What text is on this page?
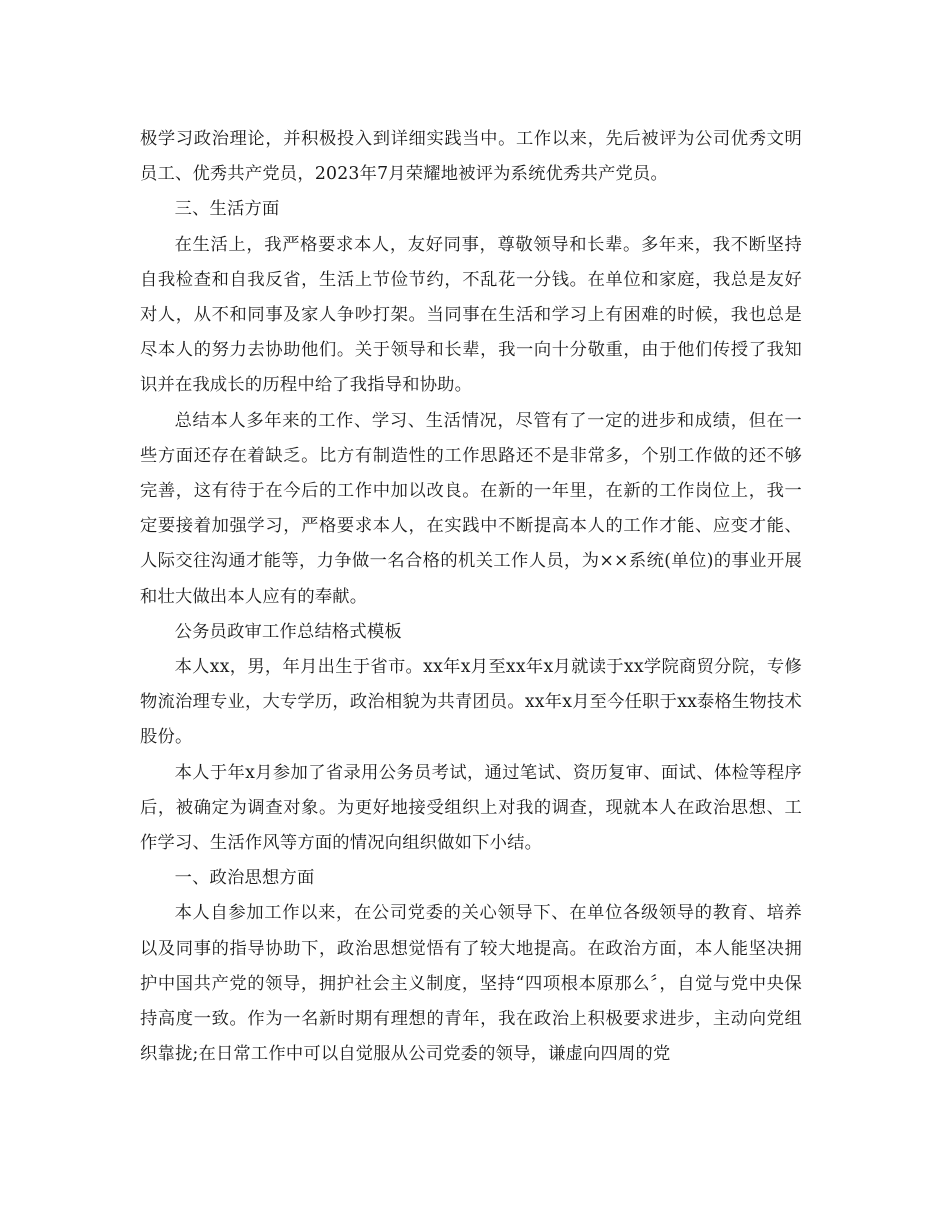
极学习政治理论，并积极投入到详细实践当中。工作以来，先后被评为公司优秀文明员工、优秀共产党员，2023年7月荣耀地被评为系统优秀共产党员。

三、生活方面

在生活上，我严格要求本人，友好同事，尊敬领导和长辈。多年来，我不断坚持自我检查和自我反省，生活上节俭节约，不乱花一分钱。在单位和家庭，我总是友好对人，从不和同事及家人争吵打架。当同事在生活和学习上有困难的时候，我也总是尽本人的努力去协助他们。关于领导和长辈，我一向十分敬重，由于他们传授了我知识并在我成长的历程中给了我指导和协助。

总结本人多年来的工作、学习、生活情况，尽管有了一定的进步和成绩，但在一些方面还存在着缺乏。比方有制造性的工作思路还不是非常多，个别工作做的还不够完善，这有待于在今后的工作中加以改良。在新的一年里，在新的工作岗位上，我一定要接着加强学习，严格要求本人，在实践中不断提高本人的工作才能、应变才能、人际交往沟通才能等，力争做一名合格的机关工作人员，为××系统(单位)的事业开展和壮大做出本人应有的奉献。

公务员政审工作总结格式模板

本人xx，男，年月出生于省市。xx年x月至xx年x月就读于xx学院商贸分院，专修物流治理专业，大专学历，政治相貌为共青团员。xx年x月至今任职于xx泰格生物技术股份。

本人于年x月参加了省录用公务员考试，通过笔试、资历复审、面试、体检等程序后，被确定为调查对象。为更好地接受组织上对我的调查，现就本人在政治思想、工作学习、生活作风等方面的情况向组织做如下小结。

一、政治思想方面

本人自参加工作以来，在公司党委的关心领导下、在单位各级领导的教育、培养以及同事的指导协助下，政治思想觉悟有了较大地提高。在政治方面，本人能坚决拥护中国共产党的领导，拥护社会主义制度，坚持“四项根本原那么〞，自觉与党中央保持高度一致。作为一名新时期有理想的青年，我在政治上积极要求进步，主动向党组织靠拢;在日常工作中可以自觉服从公司党委的领导，谦虚向四周的党
